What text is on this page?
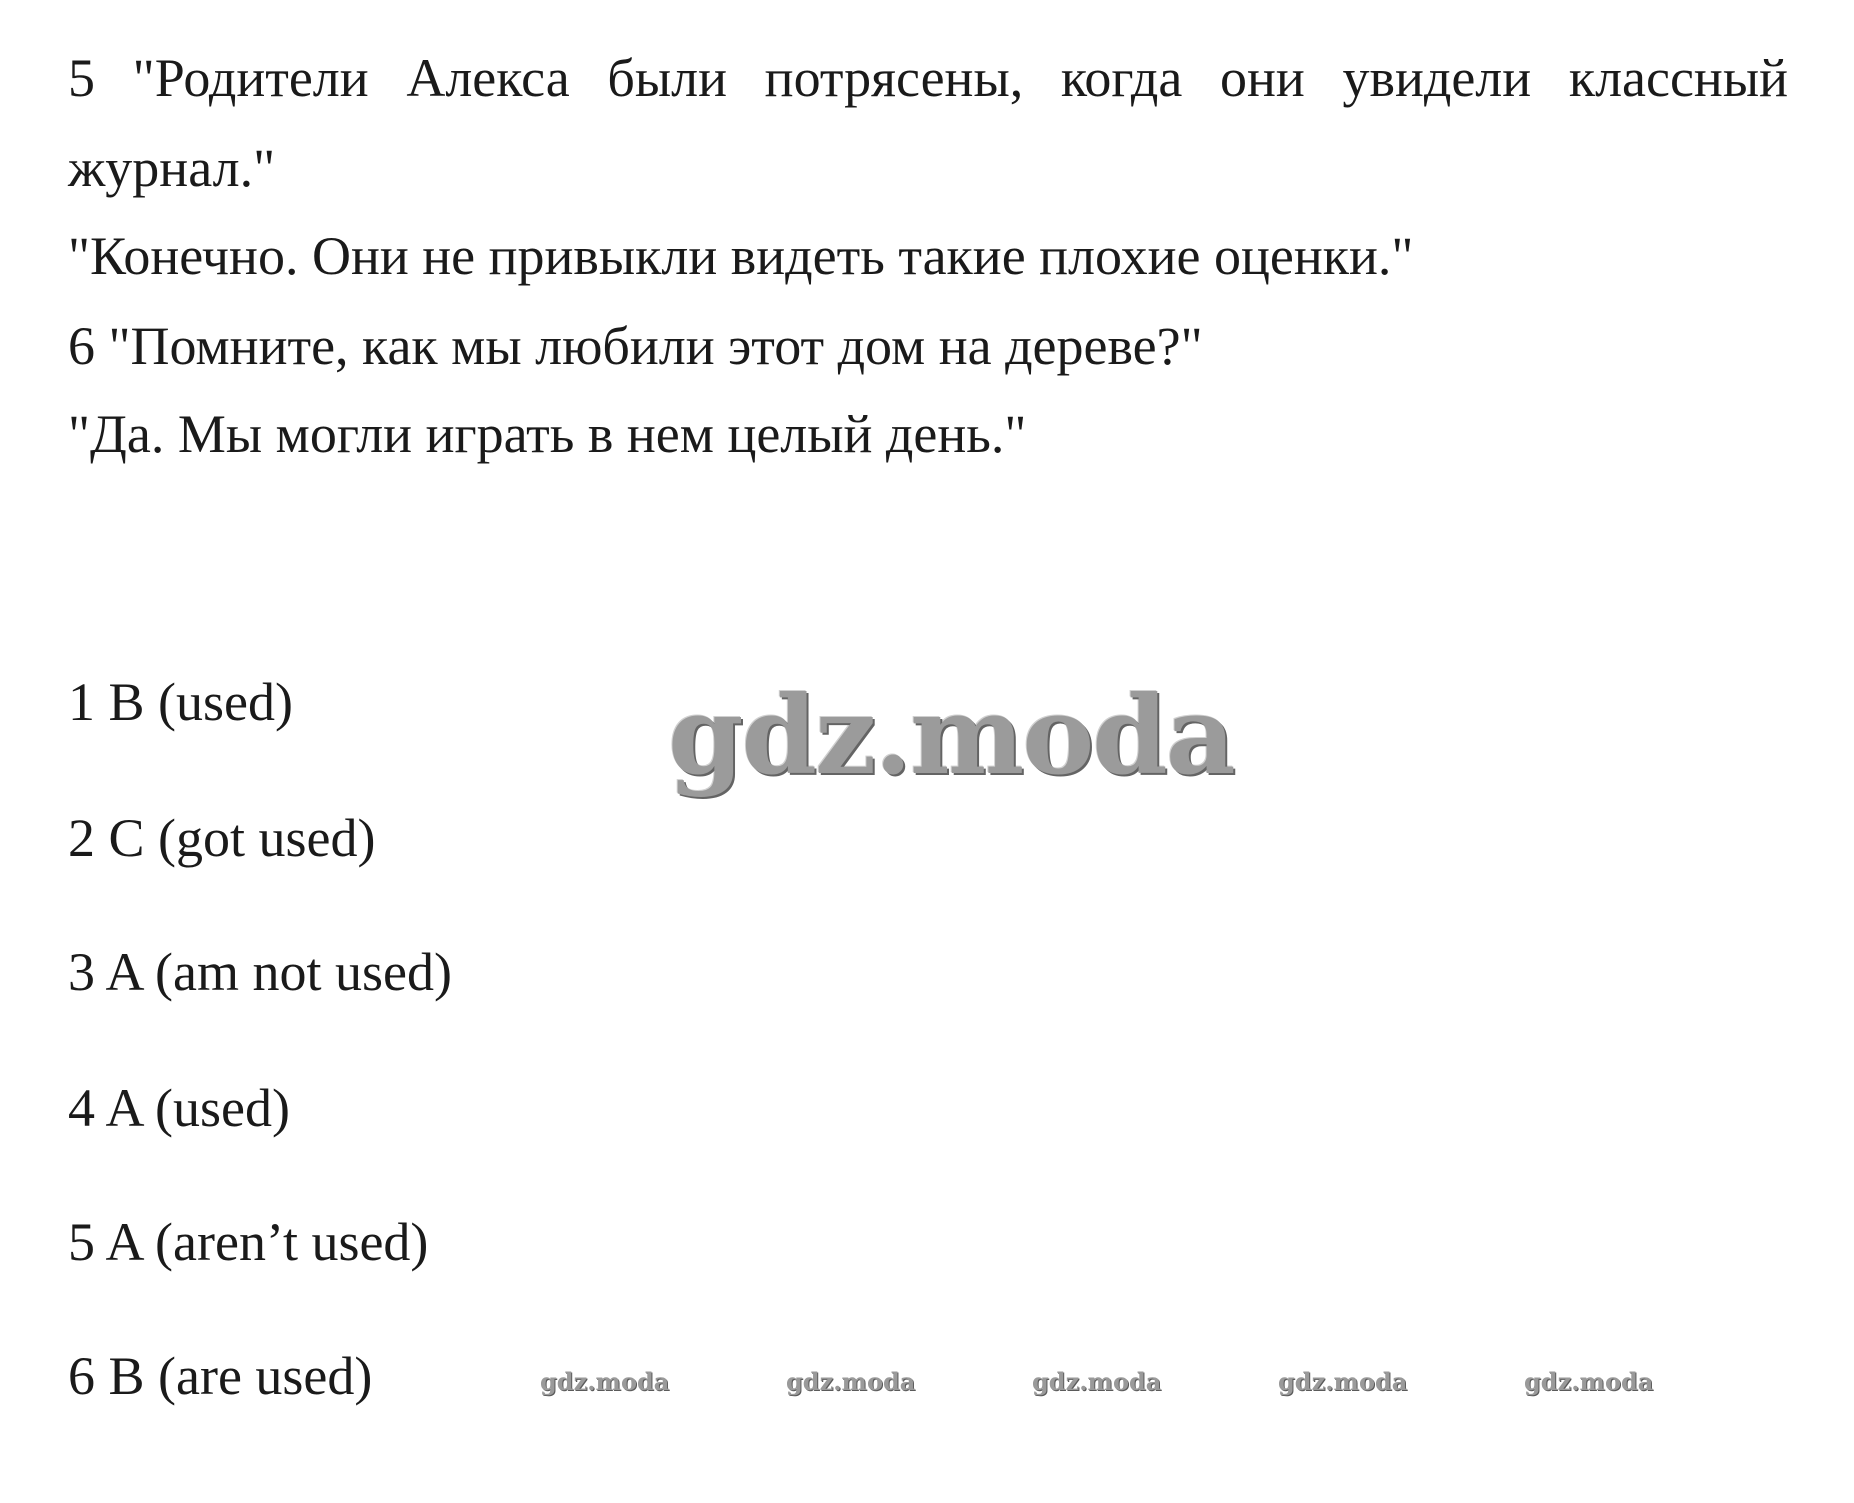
5 "Родители Алекса были потрясены, когда они увидели классный
журнал."
"Конечно. Они не привыкли видеть такие плохие оценки."
6 "Помните, как мы любили этот дом на дереве?"
"Да. Мы могли играть в нем целый день."
1 B (used)
2 C (got used)
3 A (am not used)
4 A (used)
5 A (aren’t used)
6 B (are used)
gdz.moda
gdz.moda	gdz.moda	gdz.moda	gdz.moda	gdz.moda
